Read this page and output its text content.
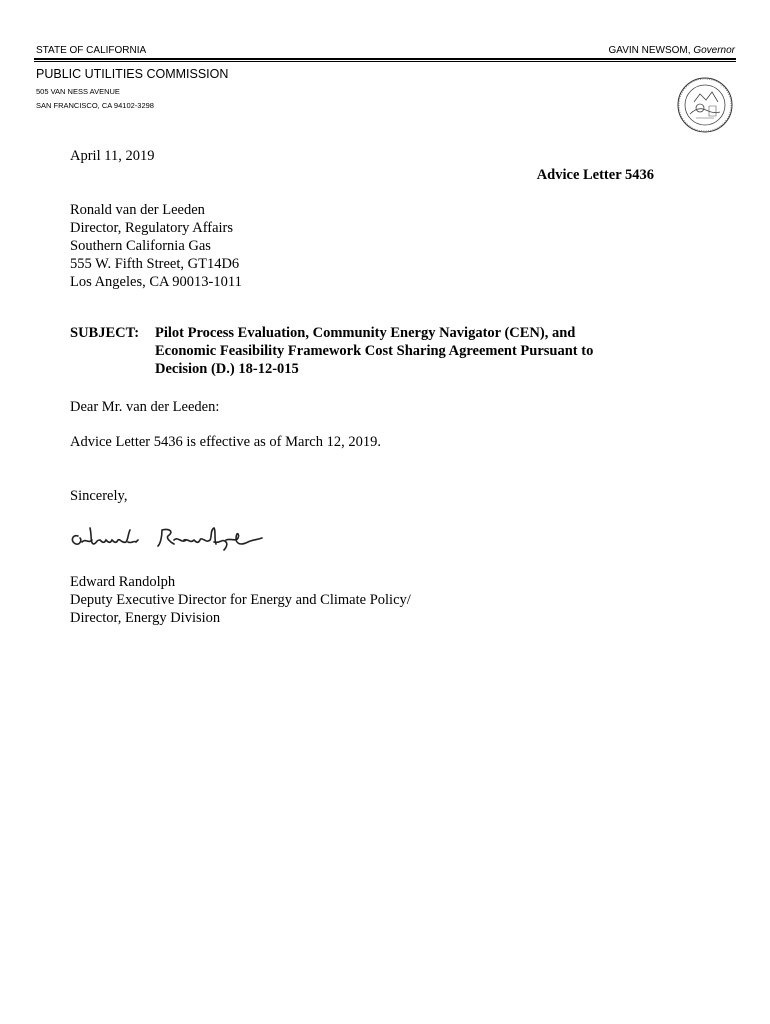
STATE OF CALIFORNIA	GAVIN NEWSOM, Governor
PUBLIC UTILITIES COMMISSION
505 VAN NESS AVENUE
SAN FRANCISCO, CA 94102-3298
April 11, 2019
Advice Letter 5436
Ronald van der Leeden
Director, Regulatory Affairs
Southern California Gas
555 W. Fifth Street, GT14D6
Los Angeles, CA 90013-1011
SUBJECT: Pilot Process Evaluation, Community Energy Navigator (CEN), and
Economic Feasibility Framework Cost Sharing Agreement Pursuant to
Decision (D.) 18-12-015
Dear Mr. van der Leeden:
Advice Letter 5436 is effective as of March 12, 2019.
Sincerely,
Edward Randolph
Deputy Executive Director for Energy and Climate Policy/
Director, Energy Division
